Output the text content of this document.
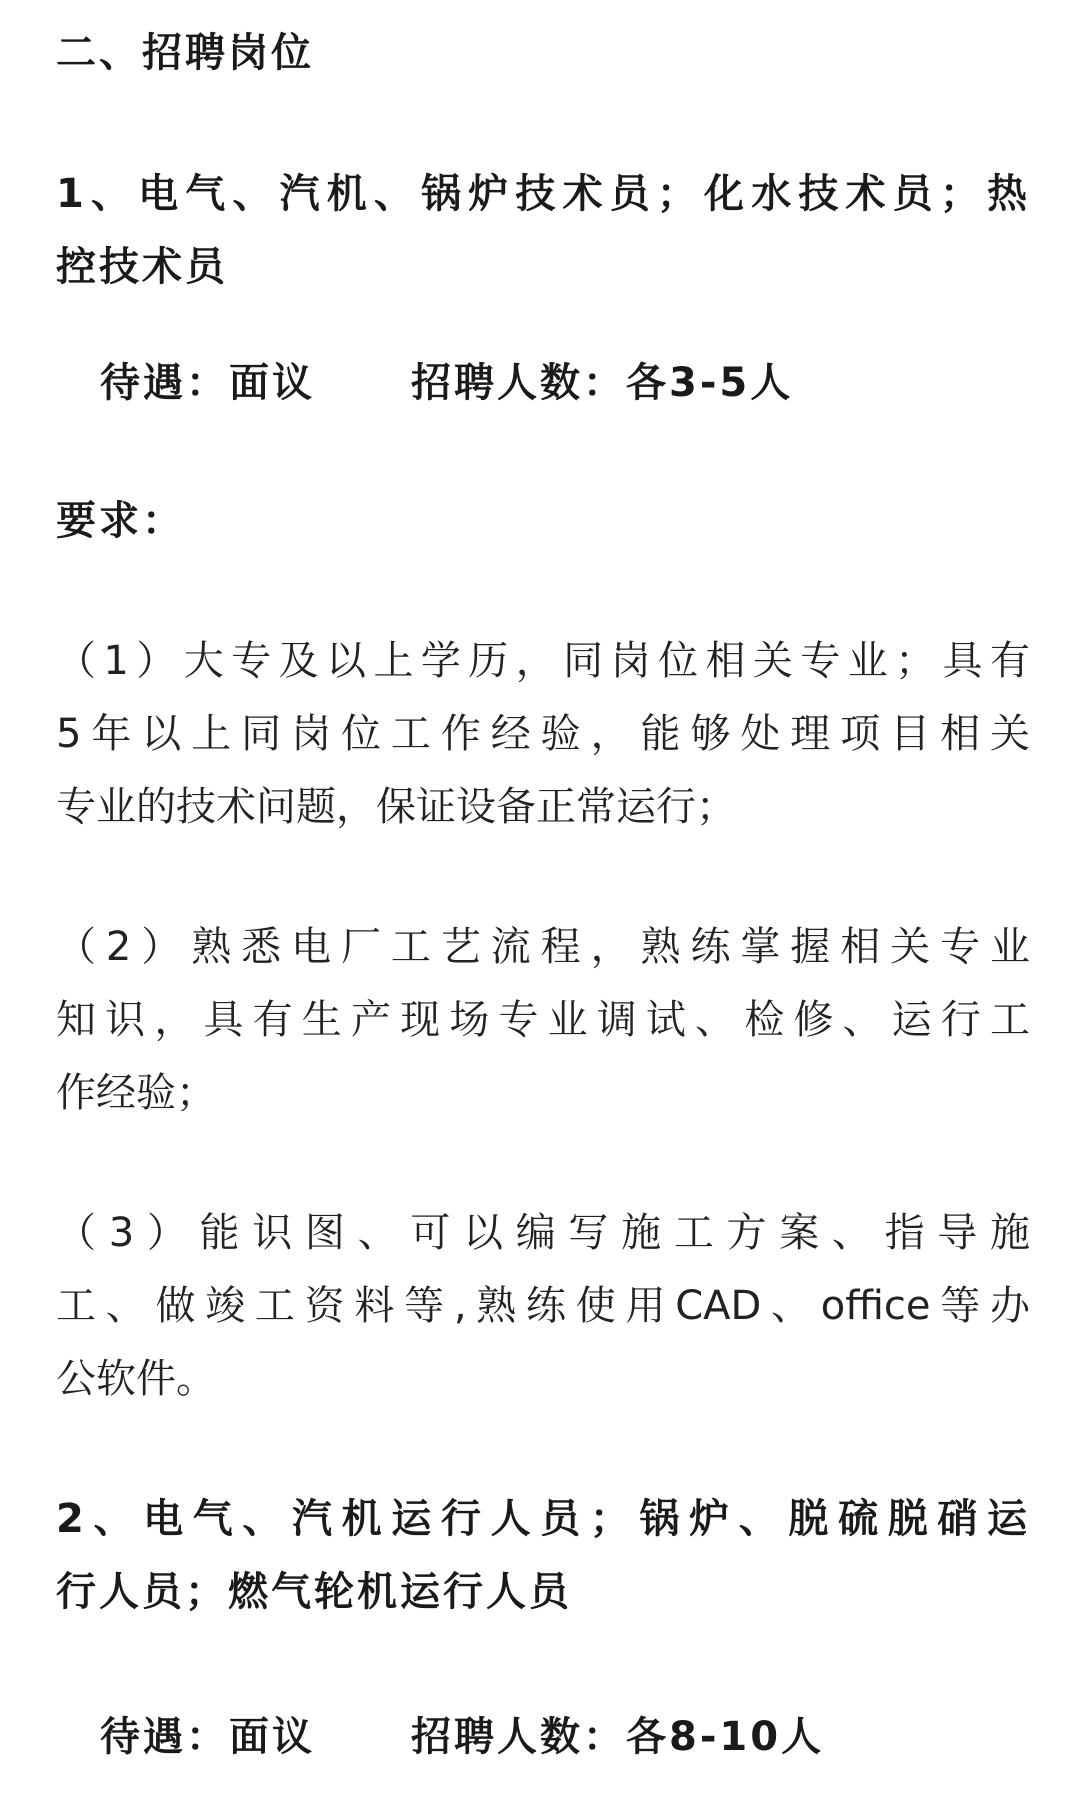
二、招聘岗位
1、电气、汽机、锅炉技术员；化水技术员；热
控技术员
待遇：面议 招聘人数：各3-5人
要求：
（1）大专及以上学历，同岗位相关专业；具有
5年以上同岗位工作经验，能够处理项目相关
专业的技术问题，保证设备正常运行；
（2）熟悉电厂工艺流程，熟练掌握相关专业
知识，具有生产现场专业调试、检修、运行工
作经验；
（3）能识图、可以编写施工方案、指导施
工、做竣工资料等,熟练使用CAD、office等办
公软件。
2、电气、汽机运行人员；锅炉、脱硫脱硝运
行人员；燃气轮机运行人员
待遇：面议 招聘人数：各8-10人
